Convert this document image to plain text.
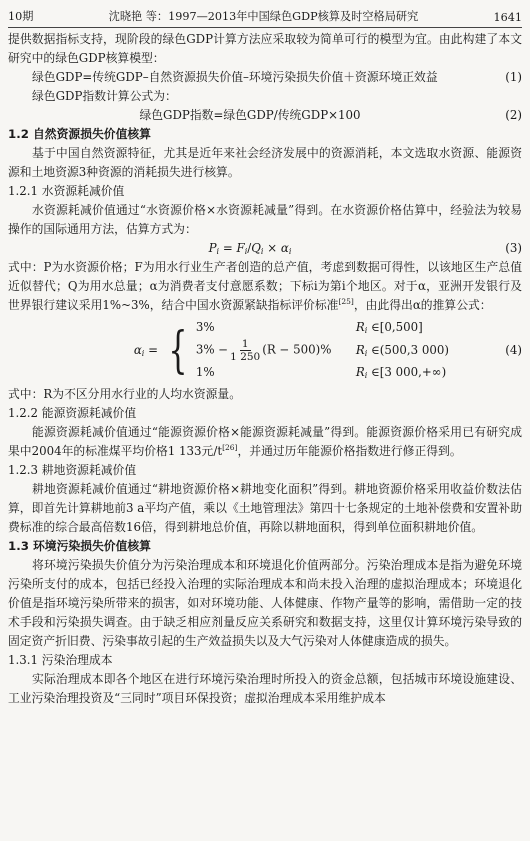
10期	沈晓艳 等：1997—2013年中国绿色GDP核算及时空格局研究	1641

提供数据指标支持，现阶段的绿色GDP计算方法应采取较为简单可行的模型为宜。由此构建了本文研究中的绿色GDP核算模型：

绿色GDP=传统GDP–自然资源损失价值–环境污染损失价值＋资源环境正效益	(1)

绿色GDP指数计算公式为：

绿色GDP指数=绿色GDP/传统GDP×100	(2)

1.2 自然资源损失价值核算

基于中国自然资源特征，尤其是近年来社会经济发展中的资源消耗，本文选取水资源、能源资源和土地资源3种资源的消耗损失进行核算。

1.2.1 水资源耗减价值

水资源耗减价值通过“水资源价格×水资源耗减量”得到。在水资源价格估算中，经验法为较易操作的国际通用方法，估算方式为：

$P_i = F_i/Q_i \times \alpha_i$	(3)

式中：P为水资源价格；F为用水行业生产者创造的总产值，考虑到数据可得性，以该地区生产总值近似替代；Q为用水总量；α为消费者支付意愿系数；下标i为第i个地区。对于α，亚洲开发银行及世界银行建议采用1%~3%，结合中国水资源紧缺指标评价标准[25]，由此得出α的推算公式：

$\alpha_i$ = { 3%	$R_i$ ∈[0,500]
$3\% - \frac{1}{1 250} (R - 500)\%$	$R_i$ ∈(500,3 000)
1%	$R_i$ ∈[3 000,+∞)
(4)

式中：R为不区分用水行业的人均水资源量。

1.2.2 能源资源耗减价值

能源资源耗减价值通过“能源资源价格×能源资源耗减量”得到。能源资源价格采用已有研究成果中2004年的标准煤平均价格1 133元/t[26]，并通过历年能源价格指数进行修正得到。

1.2.3 耕地资源耗减价值

耕地资源耗减价值通过“耕地资源价格×耕地变化面积”得到。耕地资源价格采用收益价数法估算，即首先计算耕地前3 a平均产值，乘以《土地管理法》第四十七条规定的土地补偿费和安置补助费标准的综合最高倍数16倍，得到耕地总价值，再除以耕地面积，得到单位面积耕地价值。

1.3 环境污染损失价值核算

将环境污染损失价值分为污染治理成本和环境退化价值两部分。污染治理成本是指为避免环境污染所支付的成本，包括已经投入治理的实际治理成本和尚未投入治理的虚拟治理成本；环境退化价值是指环境污染所带来的损害，如对环境功能、人体健康、作物产量等的影响，需借助一定的技术手段和污染损失调查。由于缺乏相应剂量反应关系研究和数据支持，这里仅计算环境污染导致的固定资产折旧费、污染事故引起的生产效益损失以及大气污染对人体健康造成的损失。

1.3.1 污染治理成本

实际治理成本即各个地区在进行环境污染治理时所投入的资金总额，包括城市环境设施建设、工业污染治理投资及“三同时”项目环保投资；虚拟治理成本采用维护成本
